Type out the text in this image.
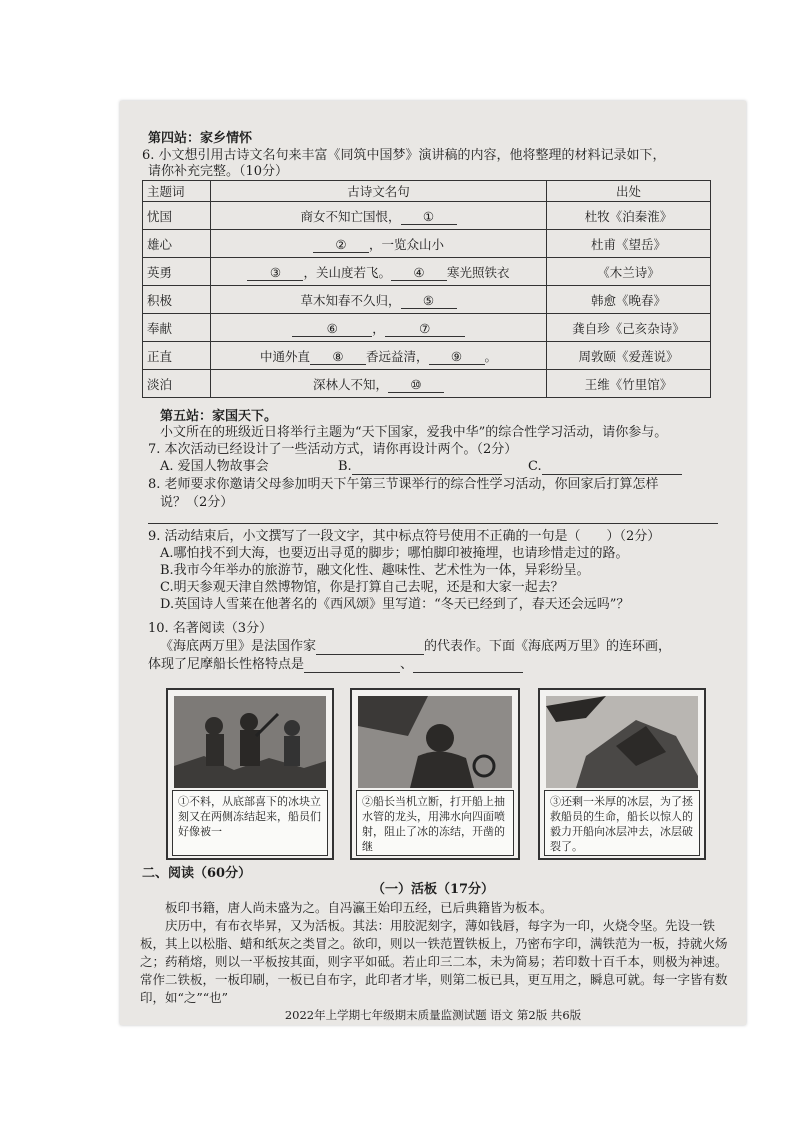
第四站：家乡情怀
6. 小文想引用古诗文名句来丰富《同筑中国梦》演讲稿的内容，他将整理的材料记录如下，
请你补充完整。（10分）
主题词	古诗文名句	出处
忧国	商女不知亡国恨， ①	杜牧《泊秦淮》
雄心	② ，一览众山小	杜甫《望岳》
英勇	③ ，关山度若飞。 ④ 寒光照铁衣	《木兰诗》
积极	草木知春不久归， ⑤	韩愈《晚春》
奉献	⑥ ， ⑦	龚自珍《己亥杂诗》
正直	中通外直 ⑧ 香远益清， ⑨ 。	周敦颐《爱莲说》
淡泊	深林人不知， ⑩	王维《竹里馆》
第五站：家国天下。
小文所在的班级近日将举行主题为“天下国家，爱我中华”的综合性学习活动，请你参与。
7. 本次活动已经设计了一些活动方式，请你再设计两个。（2分）
A. 爱国人物故事会	B.	C.
8. 老师要求你邀请父母参加明天下午第三节课举行的综合性学习活动，你回家后打算怎样
说？（2分）
9. 活动结束后，小文撰写了一段文字，其中标点符号使用不正确的一句是（　　）（2分）
A.哪怕找不到大海，也要迈出寻觅的脚步；哪怕脚印被掩埋，也请珍惜走过的路。
B.我市今年举办的旅游节，融文化性、趣味性、艺术性为一体，异彩纷呈。
C.明天参观天津自然博物馆，你是打算自己去呢，还是和大家一起去？
D.英国诗人雪莱在他著名的《西风颂》里写道：“冬天已经到了，春天还会远吗”？
10. 名著阅读（3分）
《海底两万里》是法国作家	的代表作。下面《海底两万里》的连环画，
体现了尼摩船长性格特点是	、
①不料，从底部喜下的冰块立刻又在两侧冻结起来，船员们好像被一
②船长当机立断，打开船上抽水管的龙头，用沸水向四面喷射，阻止了冰的冻结，开凿的继
③还剩一米厚的冰层，为了拯救船员的生命，船长以惊人的毅力开船向冰层冲去，冰层破裂了。
二、阅读（60分）
（一）活板（17分）
板印书籍，唐人尚未盛为之。自冯瀛王始印五经，已后典籍皆为板本。
庆历中，有布衣毕昇，又为活板。其法：用胶泥刻字，薄如钱唇，每字为一印，火烧令坚。先设一铁板，其上以松脂、蜡和纸灰之类冒之。欲印，则以一铁范置铁板上，乃密布字印，满铁范为一板，持就火炀之；药稍熔，则以一平板按其面，则字平如砥。若止印三二本，未为简易；若印数十百千本，则极为神速。常作二铁板，一板印刷，一板已自布字，此印者才毕，则第二板已具，更互用之，瞬息可就。每一字皆有数印，如“之”“也”
2022年上学期七年级期末质量监测试题 语文 第2版 共6版
